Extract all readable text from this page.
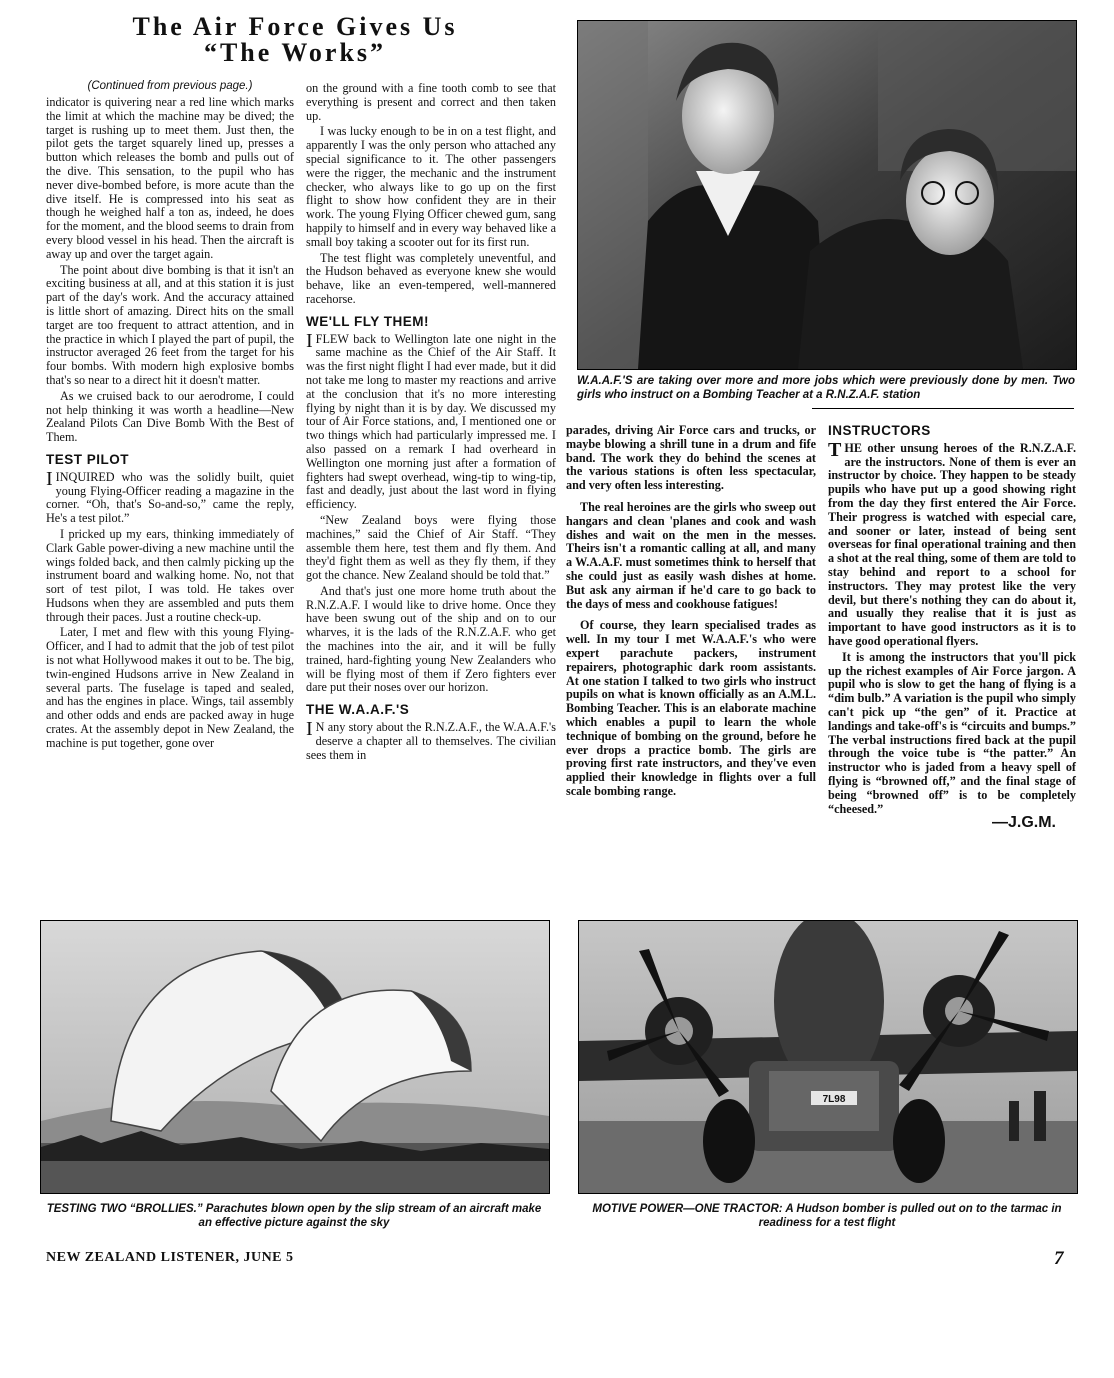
The Air Force Gives Us
“The Works”
(Continued from previous page.)

indicator is quivering near a red line which marks the limit at which the machine may be dived; the target is rushing up to meet them. Just then, the pilot gets the target squarely lined up, presses a button which releases the bomb and pulls out of the dive. This sensation, to the pupil who has never dive-bombed before, is more acute than the dive itself. He is compressed into his seat as though he weighed half a ton as, indeed, he does for the moment, and the blood seems to drain from every blood vessel in his head. Then the aircraft is away up and over the target again.

The point about dive bombing is that it isn't an exciting business at all, and at this station it is just part of the day's work. And the accuracy attained is little short of amazing. Direct hits on the small target are too frequent to attract attention, and in the practice in which I played the part of pupil, the instructor averaged 26 feet from the target for his four bombs. With modern high explosive bombs that's so near to a direct hit it doesn't matter.

As we cruised back to our aerodrome, I could not help thinking it was worth a headline—New Zealand Pilots Can Dive Bomb With the Best of Them.

TEST PILOT

IINQUIRED who was the solidly built, quiet young Flying-Officer reading a magazine in the corner. “Oh, that's So-and-so,” came the reply, He's a test pilot.”

I pricked up my ears, thinking immediately of Clark Gable power-diving a new machine until the wings folded back, and then calmly picking up the instrument board and walking home. No, not that sort of test pilot, I was told. He takes over Hudsons when they are assembled and puts them through their paces. Just a routine check-up.

Later, I met and flew with this young Flying-Officer, and I had to admit that the job of test pilot is not what Hollywood makes it out to be. The big, twin-engined Hudsons arrive in New Zealand in several parts. The fuselage is taped and sealed, and has the engines in place. Wings, tail assembly and other odds and ends are packed away in huge crates. At the assembly depot in New Zealand, the machine is put together, gone over

on the ground with a fine tooth comb to see that everything is present and correct and then taken up.

I was lucky enough to be in on a test flight, and apparently I was the only person who attached any special significance to it. The other passengers were the rigger, the mechanic and the instrument checker, who always like to go up on the first flight to show how confident they are in their work. The young Flying Officer chewed gum, sang happily to himself and in every way behaved like a small boy taking a scooter out for its first run.

The test flight was completely uneventful, and the Hudson behaved as everyone knew she would behave, like an even-tempered, well-mannered racehorse.

WE'LL FLY THEM!

IFLEW back to Wellington late one night in the same machine as the Chief of the Air Staff. It was the first night flight I had ever made, but it did not take me long to master my reactions and arrive at the conclusion that it's no more interesting flying by night than it is by day. We discussed my tour of Air Force stations, and, I mentioned one or two things which had particularly impressed me. I also passed on a remark I had overheard in Wellington one morning just after a formation of fighters had swept overhead, wing-tip to wing-tip, fast and deadly, just about the last word in flying efficiency.

“New Zealand boys were flying those machines,” said the Chief of Air Staff. “They assemble them here, test them and fly them. And they'd fight them as well as they fly them, if they got the chance. New Zealand should be told that.”

And that's just one more home truth about the R.N.Z.A.F. I would like to drive home. Once they have been swung out of the ship and on to our wharves, it is the lads of the R.N.Z.A.F. who get the machines into the air, and it will be fully trained, hard-fighting young New Zealanders who will be flying most of them if Zero fighters ever dare put their noses over our horizon.

THE W.A.A.F.'S

I N any story about the R.N.Z.A.F., the W.A.A.F.'s deserve a chapter all to themselves. The civilian sees them in

W.A.A.F.'S are taking over more and more jobs which were previously done by men. Two girls who instruct on a Bombing Teacher at a R.N.Z.A.F. station

parades, driving Air Force cars and trucks, or maybe blowing a shrill tune in a drum and fife band. The work they do behind the scenes at the various stations is often less spectacular, and very often less interesting.

The real heroines are the girls who sweep out hangars and clean 'planes and cook and wash dishes and wait on the men in the messes. Theirs isn't a romantic calling at all, and many a W.A.A.F. must sometimes think to herself that she could just as easily wash dishes at home. But ask any airman if he'd care to go back to the days of mess and cookhouse fatigues!

Of course, they learn specialised trades as well. In my tour I met W.A.A.F.'s who were expert parachute packers, instrument repairers, photographic dark room assistants. At one station I talked to two girls who instruct pupils on what is known officially as an A.M.L. Bombing Teacher. This is an elaborate machine which enables a pupil to learn the whole technique of bombing on the ground, before he ever drops a practice bomb. The girls are proving first rate instructors, and they've even applied their knowledge in flights over a full scale bombing range.

INSTRUCTORS

THE other unsung heroes of the R.N.Z.A.F. are the instructors. None of them is ever an instructor by choice. They happen to be steady pupils who have put up a good showing right from the day they first entered the Air Force. Their progress is watched with especial care, and sooner or later, instead of being sent overseas for final operational training and then a shot at the real thing, some of them are told to stay behind and report to a school for instructors. They may protest like the very devil, but there's nothing they can do about it, and usually they realise that it is just as important to have good instructors as it is to have good operational flyers.

It is among the instructors that you'll pick up the richest examples of Air Force jargon. A pupil who is slow to get the hang of flying is a “dim bulb.” A variation is the pupil who simply can't pick up “the gen” of it. Practice at landings and take-off's is “circuits and bumps.” The verbal instructions fired back at the pupil through the voice tube is “the patter.” An instructor who is jaded from a heavy spell of flying is “browned off,” and the final stage of being “browned off” is to be completely “cheesed.”

—J.G.M.
TESTING TWO “BROLLIES.” Parachutes blown open by the slip stream of an aircraft make an effective picture against the sky
7L98
MOTIVE POWER—ONE TRACTOR: A Hudson bomber is pulled out on to the tarmac in readiness for a test flight
NEW ZEALAND LISTENER, JUNE 5	7
